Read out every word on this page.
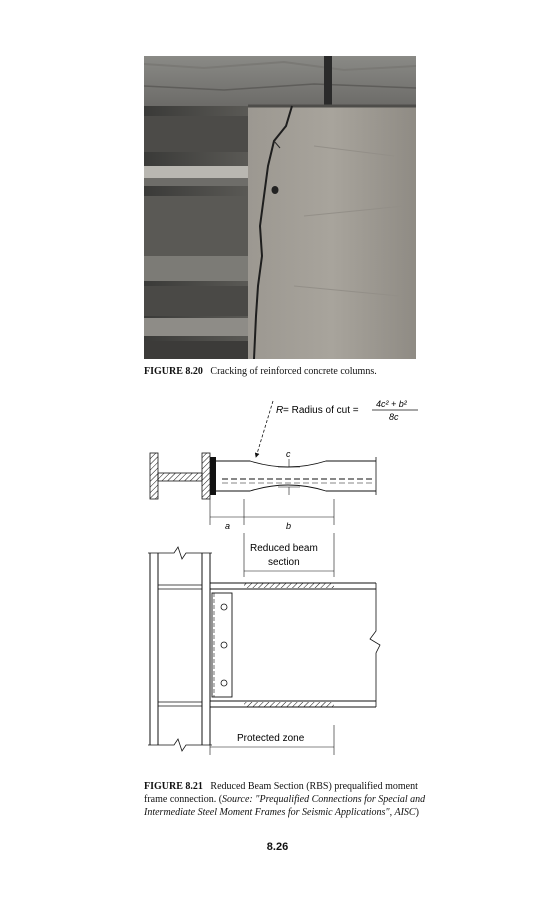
FIGURE 8.20 Cracking of reinforced concrete columns.
R = Radius of cut =
4c² + b²
8c
c
a	b
Reduced beam
section
Protected zone
FIGURE 8.21 Reduced Beam Section (RBS) prequalified moment
frame connection. (Source: "Prequalified Connections for Special and
Intermediate Steel Moment Frames for Seismic Applications", AISC)
8.26
